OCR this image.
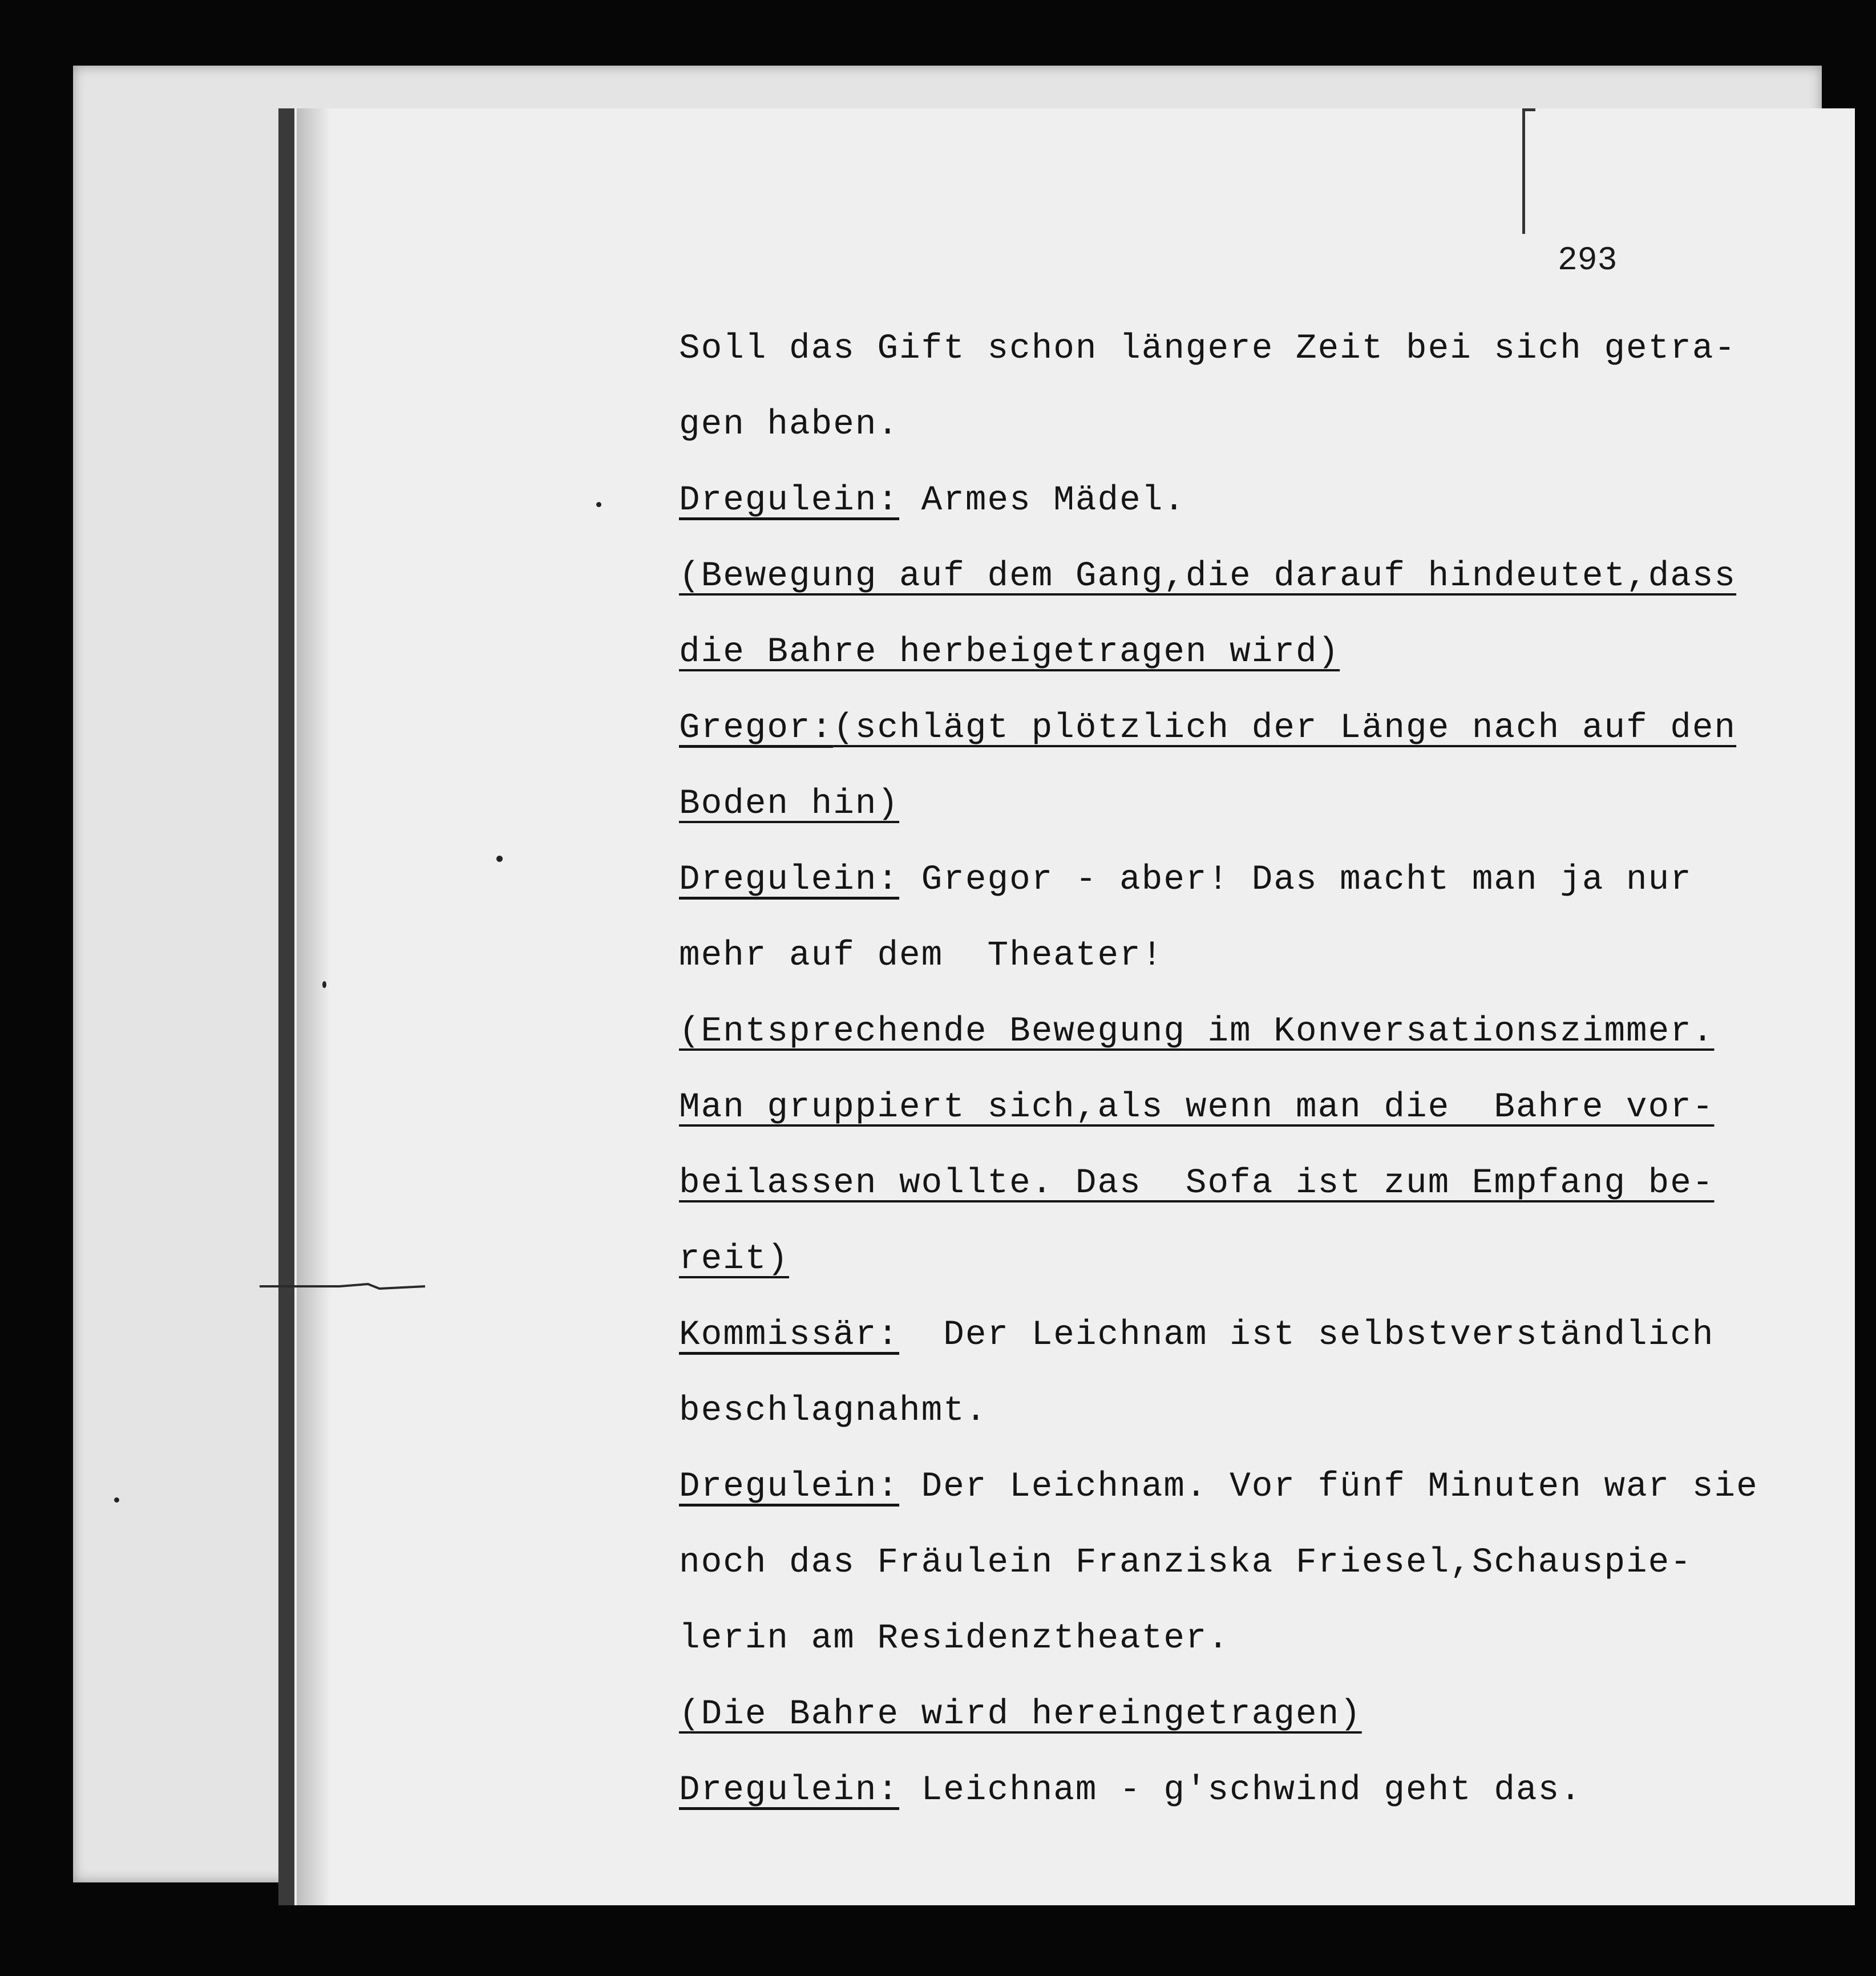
293
Soll das Gift schon längere Zeit bei sich getra-
gen haben.
Dregulein: Armes Mädel.
(Bewegung auf dem Gang,die darauf hindeutet,dass
die Bahre herbeigetragen wird)
Gregor:(schlägt plötzlich der Länge nach auf den
Boden hin)
Dregulein: Gregor - aber! Das macht man ja nur
mehr auf dem  Theater!
(Entsprechende Bewegung im Konversationszimmer.
Man gruppiert sich,als wenn man die  Bahre vor-
beilassen wollte. Das  Sofa ist zum Empfang be-
reit)
Kommissär:  Der Leichnam ist selbstverständlich
beschlagnahmt.
Dregulein: Der Leichnam. Vor fünf Minuten war sie
noch das Fräulein Franziska Friesel,Schauspie-
lerin am Residenztheater.
(Die Bahre wird hereingetragen)
Dregulein: Leichnam - g'schwind geht das.
